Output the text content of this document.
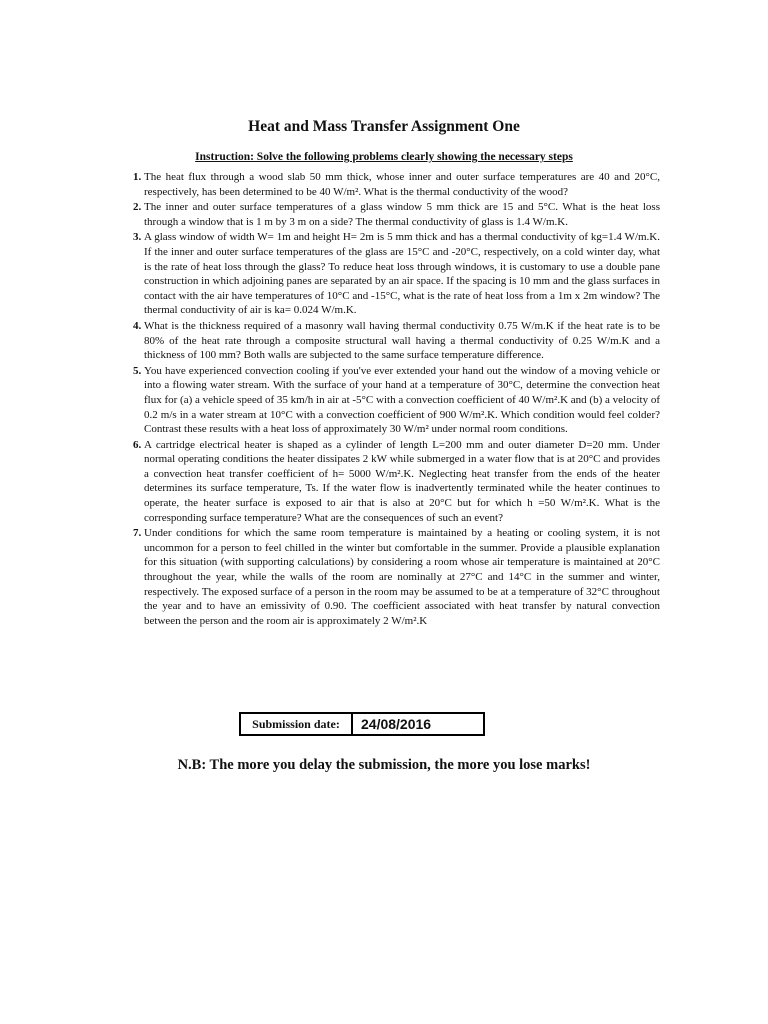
Heat and Mass Transfer Assignment One
Instruction: Solve the following problems clearly showing the necessary steps
1. The heat flux through a wood slab 50 mm thick, whose inner and outer surface temperatures are 40 and 20°C, respectively, has been determined to be 40 W/m². What is the thermal conductivity of the wood?
2. The inner and outer surface temperatures of a glass window 5 mm thick are 15 and 5°C. What is the heat loss through a window that is 1 m by 3 m on a side? The thermal conductivity of glass is 1.4 W/m.K.
3. A glass window of width W= 1m and height H= 2m is 5 mm thick and has a thermal conductivity of kg=1.4 W/m.K. If the inner and outer surface temperatures of the glass are 15°C and -20°C, respectively, on a cold winter day, what is the rate of heat loss through the glass? To reduce heat loss through windows, it is customary to use a double pane construction in which adjoining panes are separated by an air space. If the spacing is 10 mm and the glass surfaces in contact with the air have temperatures of 10°C and -15°C, what is the rate of heat loss from a 1m x 2m window? The thermal conductivity of air is ka= 0.024 W/m.K.
4. What is the thickness required of a masonry wall having thermal conductivity 0.75 W/m.K if the heat rate is to be 80% of the heat rate through a composite structural wall having a thermal conductivity of 0.25 W/m.K and a thickness of 100 mm? Both walls are subjected to the same surface temperature difference.
5. You have experienced convection cooling if you've ever extended your hand out the window of a moving vehicle or into a flowing water stream. With the surface of your hand at a temperature of 30°C, determine the convection heat flux for (a) a vehicle speed of 35 km/h in air at -5°C with a convection coefficient of 40 W/m².K and (b) a velocity of 0.2 m/s in a water stream at 10°C with a convection coefficient of 900 W/m².K. Which condition would feel colder? Contrast these results with a heat loss of approximately 30 W/m² under normal room conditions.
6. A cartridge electrical heater is shaped as a cylinder of length L=200 mm and outer diameter D=20 mm. Under normal operating conditions the heater dissipates 2 kW while submerged in a water flow that is at 20°C and provides a convection heat transfer coefficient of h= 5000 W/m².K. Neglecting heat transfer from the ends of the heater determines its surface temperature, Ts. If the water flow is inadvertently terminated while the heater continues to operate, the heater surface is exposed to air that is also at 20°C but for which h =50 W/m².K. What is the corresponding surface temperature? What are the consequences of such an event?
7. Under conditions for which the same room temperature is maintained by a heating or cooling system, it is not uncommon for a person to feel chilled in the winter but comfortable in the summer. Provide a plausible explanation for this situation (with supporting calculations) by considering a room whose air temperature is maintained at 20°C throughout the year, while the walls of the room are nominally at 27°C and 14°C in the summer and winter, respectively. The exposed surface of a person in the room may be assumed to be at a temperature of 32°C throughout the year and to have an emissivity of 0.90. The coefficient associated with heat transfer by natural convection between the person and the room air is approximately 2 W/m².K
Submission date:	24/08/2016
N.B: The more you delay the submission, the more you lose marks!
